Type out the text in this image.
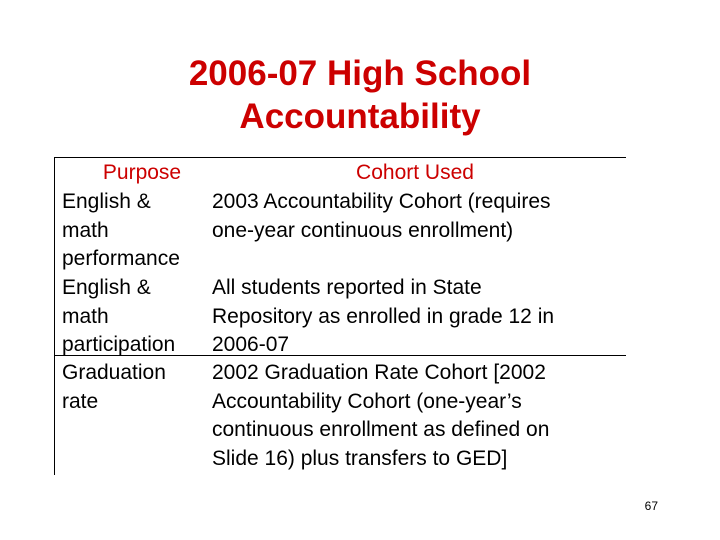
2006-07 High School
Accountability
Purpose	Cohort Used
English &
math
performance
2003 Accountability Cohort (requires
one-year continuous enrollment)
English &
math
participation
All students reported in State
Repository as enrolled in grade 12 in
2006-07
Graduation
rate
2002 Graduation Rate Cohort [2002
Accountability Cohort (one-year’s
continuous enrollment as defined on
Slide 16) plus transfers to GED]
67
